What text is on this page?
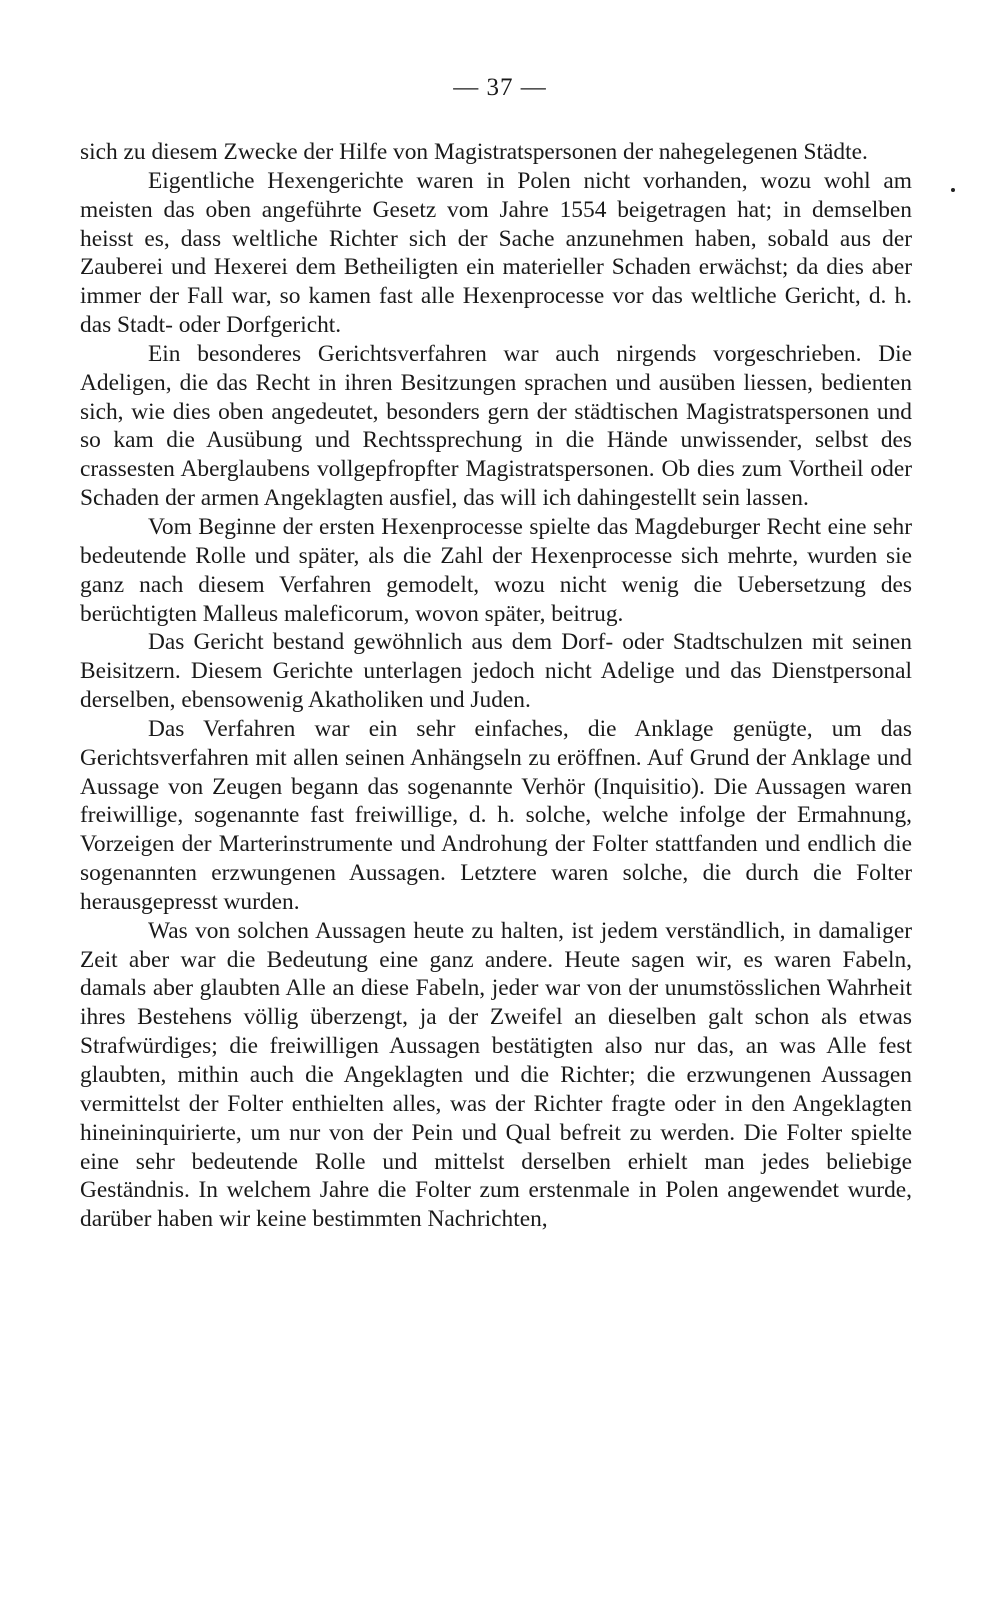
— 37 —

sich zu diesem Zwecke der Hilfe von Magistratspersonen der nahegelegenen Städte.

Eigentliche Hexengerichte waren in Polen nicht vorhanden, wozu wohl am meisten das oben angeführte Gesetz vom Jahre 1554 beigetragen hat; in demselben heisst es, dass weltliche Richter sich der Sache anzunehmen haben, sobald aus der Zauberei und Hexerei dem Betheiligten ein materieller Schaden erwächst; da dies aber immer der Fall war, so kamen fast alle Hexenprocesse vor das weltliche Gericht, d. h. das Stadt- oder Dorfgericht.

Ein besonderes Gerichtsverfahren war auch nirgends vorgeschrieben. Die Adeligen, die das Recht in ihren Besitzungen sprachen und ausüben liessen, bedienten sich, wie dies oben angedeutet, besonders gern der städtischen Magistratspersonen und so kam die Ausübung und Rechtssprechung in die Hände unwissender, selbst des crassesten Aberglaubens vollgepfropfter Magistratspersonen. Ob dies zum Vortheil oder Schaden der armen Angeklagten ausfiel, das will ich dahingestellt sein lassen.

Vom Beginne der ersten Hexenprocesse spielte das Magdeburger Recht eine sehr bedeutende Rolle und später, als die Zahl der Hexenprocesse sich mehrte, wurden sie ganz nach diesem Verfahren gemodelt, wozu nicht wenig die Uebersetzung des berüchtigten Malleus maleficorum, wovon später, beitrug.

Das Gericht bestand gewöhnlich aus dem Dorf- oder Stadtschulzen mit seinen Beisitzern. Diesem Gerichte unterlagen jedoch nicht Adelige und das Dienstpersonal derselben, ebensowenig Akatholiken und Juden.

Das Verfahren war ein sehr einfaches, die Anklage genügte, um das Gerichtsverfahren mit allen seinen Anhängseln zu eröffnen. Auf Grund der Anklage und Aussage von Zeugen begann das sogenannte Verhör (Inquisitio). Die Aussagen waren freiwillige, sogenannte fast freiwillige, d. h. solche, welche infolge der Ermahnung, Vorzeigen der Marterinstrumente und Androhung der Folter stattfanden und endlich die sogenannten erzwungenen Aussagen. Letztere waren solche, die durch die Folter herausgepresst wurden.

Was von solchen Aussagen heute zu halten, ist jedem verständlich, in damaliger Zeit aber war die Bedeutung eine ganz andere. Heute sagen wir, es waren Fabeln, damals aber glaubten Alle an diese Fabeln, jeder war von der unumstösslichen Wahrheit ihres Bestehens völlig überzengt, ja der Zweifel an dieselben galt schon als etwas Strafwürdiges; die freiwilligen Aussagen bestätigten also nur das, an was Alle fest glaubten, mithin auch die Angeklagten und die Richter; die erzwungenen Aussagen vermittelst der Folter enthielten alles, was der Richter fragte oder in den Angeklagten hineininquirierte, um nur von der Pein und Qual befreit zu werden. Die Folter spielte eine sehr bedeutende Rolle und mittelst derselben erhielt man jedes beliebige Geständnis. In welchem Jahre die Folter zum erstenmale in Polen angewendet wurde, darüber haben wir keine bestimmten Nachrichten,
